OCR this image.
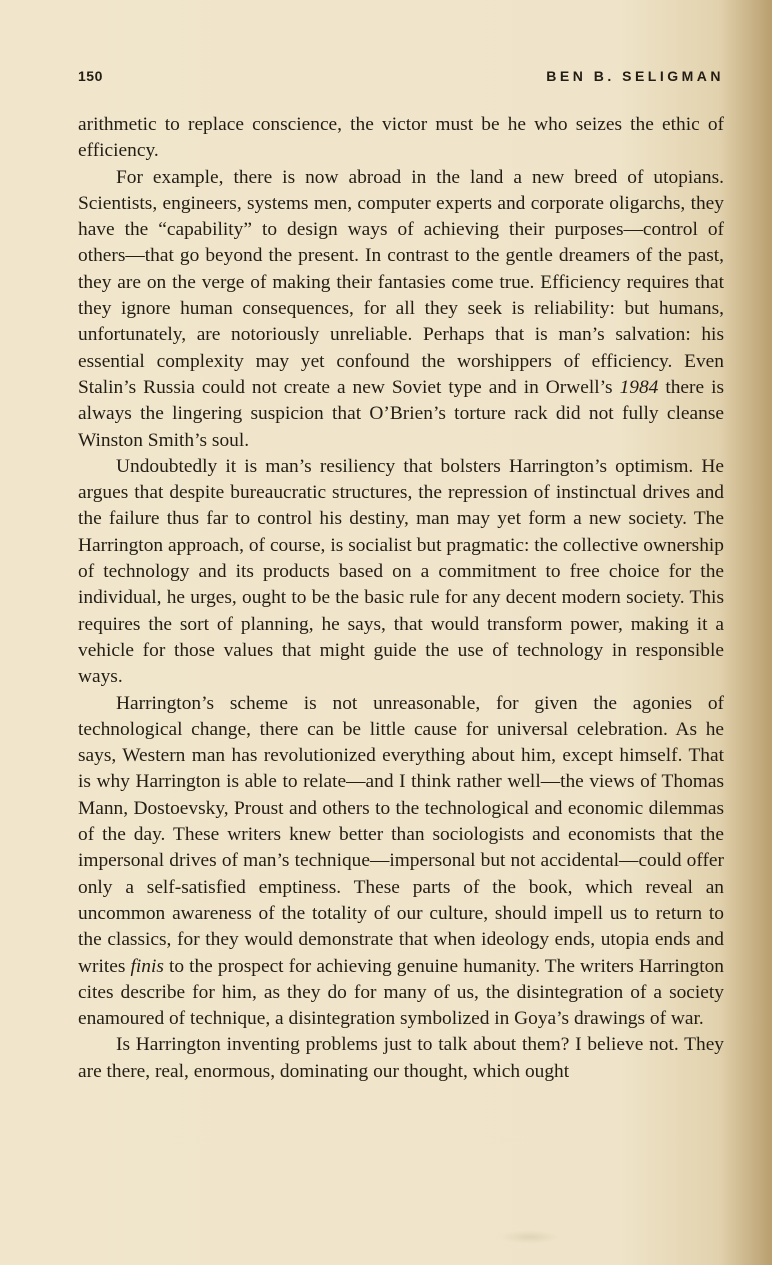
150	BEN B. SELIGMAN

arithmetic to replace conscience, the victor must be he who seizes the ethic of efficiency.

For example, there is now abroad in the land a new breed of utopians. Scientists, engineers, systems men, computer experts and corporate oligarchs, they have the “capability” to design ways of achieving their purposes—control of others—that go beyond the present. In contrast to the gentle dreamers of the past, they are on the verge of making their fantasies come true. Efficiency requires that they ignore human consequences, for all they seek is reliability: but humans, unfortunately, are notoriously unreliable. Perhaps that is man’s salvation: his essential complexity may yet confound the worshippers of efficiency. Even Stalin’s Russia could not create a new Soviet type and in Orwell’s 1984 there is always the lingering suspicion that O’Brien’s torture rack did not fully cleanse Winston Smith’s soul.

Undoubtedly it is man’s resiliency that bolsters Harrington’s optimism. He argues that despite bureaucratic structures, the repression of instinctual drives and the failure thus far to control his destiny, man may yet form a new society. The Harrington approach, of course, is socialist but pragmatic: the collective ownership of technology and its products based on a commitment to free choice for the individual, he urges, ought to be the basic rule for any decent modern society. This requires the sort of planning, he says, that would transform power, making it a vehicle for those values that might guide the use of technology in responsible ways.

Harrington’s scheme is not unreasonable, for given the agonies of technological change, there can be little cause for universal celebration. As he says, Western man has revolutionized everything about him, except himself. That is why Harrington is able to relate—and I think rather well—the views of Thomas Mann, Dostoevsky, Proust and others to the technological and economic dilemmas of the day. These writers knew better than sociologists and economists that the impersonal drives of man’s technique—impersonal but not accidental—could offer only a self-satisfied emptiness. These parts of the book, which reveal an uncommon awareness of the totality of our culture, should impell us to return to the classics, for they would demonstrate that when ideology ends, utopia ends and writes finis to the prospect for achieving genuine humanity. The writers Harrington cites describe for him, as they do for many of us, the disintegration of a society enamoured of technique, a disintegration symbolized in Goya’s drawings of war.

Is Harrington inventing problems just to talk about them? I believe not. They are there, real, enormous, dominating our thought, which ought
